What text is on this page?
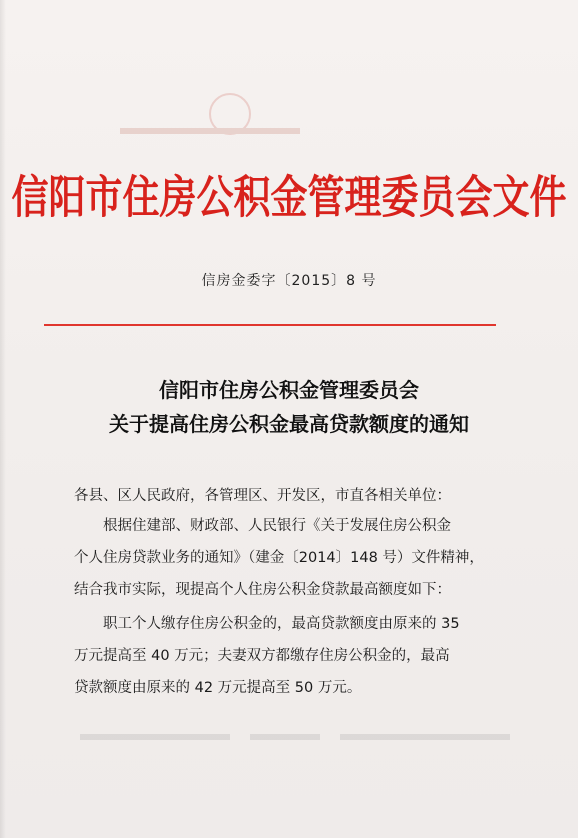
信阳市住房公积金管理委员会文件
信房金委字〔2015〕8 号
信阳市住房公积金管理委员会
关于提高住房公积金最高贷款额度的通知
各县、区人民政府，各管理区、开发区，市直各相关单位：
　　根据住建部、财政部、人民银行《关于发展住房公积金
个人住房贷款业务的通知》（建金〔2014〕148 号）文件精神，
结合我市实际，现提高个人住房公积金贷款最高额度如下：
　　职工个人缴存住房公积金的，最高贷款额度由原来的 35
万元提高至 40 万元；夫妻双方都缴存住房公积金的，最高
贷款额度由原来的 42 万元提高至 50 万元。
